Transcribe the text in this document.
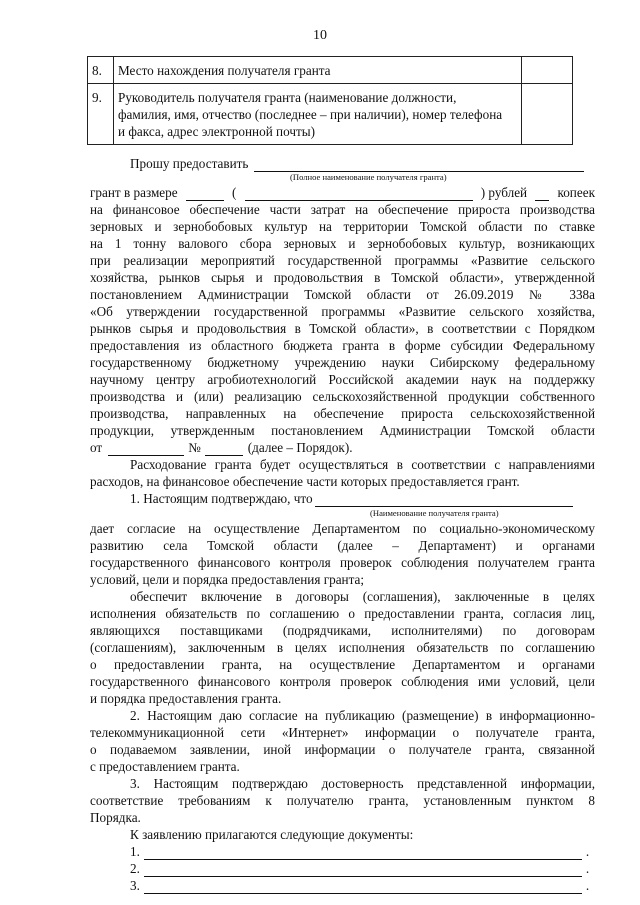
10
8.	Место нахождения получателя гранта	

9.	Руководитель получателя гранта (наименование должности,
фамилия, имя, отчество (последнее – при наличии), номер телефона
и факса, адрес электронной почты)	

Прошу предоставить
(Полное наименование получателя гранта)
грант в размере	(	) рублей копеек
на финансовое обеспечение части затрат на обеспечение прироста производства
зерновых и зернобобовых культур на территории Томской области по ставке
на 1 тонну валового сбора зерновых и зернобобовых культур, возникающих
при реализации мероприятий государственной программы «Развитие сельского
хозяйства, рынков сырья и продовольствия в Томской области», утвержденной
постановлением Администрации Томской области от 26.09.2019 № 338а
«Об утверждении государственной программы «Развитие сельского хозяйства,
рынков сырья и продовольствия в Томской области», в соответствии с Порядком
предоставления из областного бюджета гранта в форме субсидии Федеральному
государственному бюджетному учреждению науки Сибирскому федеральному
научному центру агробиотехнологий Российской академии наук на поддержку
производства и (или) реализацию сельскохозяйственной продукции собственного
производства, направленных на обеспечение прироста сельскохозяйственной
продукции, утвержденным постановлением Администрации Томской области
от	№	(далее – Порядок).
Расходование гранта будет осуществляться в соответствии с направлениями
расходов, на финансовое обеспечение части которых предоставляется грант.
1. Настоящим подтверждаю, что
(Наименование получателя гранта)
дает согласие на осуществление Департаментом по социально-экономическому
развитию села Томской области (далее – Департамент) и органами
государственного финансового контроля проверок соблюдения получателем гранта
условий, цели и порядка предоставления гранта;
обеспечит включение в договоры (соглашения), заключенные в целях
исполнения обязательств по соглашению о предоставлении гранта, согласия лиц,
являющихся поставщиками (подрядчиками, исполнителями) по договорам
(соглашениям), заключенным в целях исполнения обязательств по соглашению
о предоставлении гранта, на осуществление Департаментом и органами
государственного финансового контроля проверок соблюдения ими условий, цели
и порядка предоставления гранта.
2. Настоящим даю согласие на публикацию (размещение) в информационно-
телекоммуникационной сети «Интернет» информации о получателе гранта,
о подаваемом заявлении, иной информации о получателе гранта, связанной
с предоставлением гранта.
3. Настоящим подтверждаю достоверность представленной информации,
соответствие требованиям к получателю гранта, установленным пунктом 8
Порядка.
К заявлению прилагаются следующие документы:
1.	.
2.	.
3.	.
